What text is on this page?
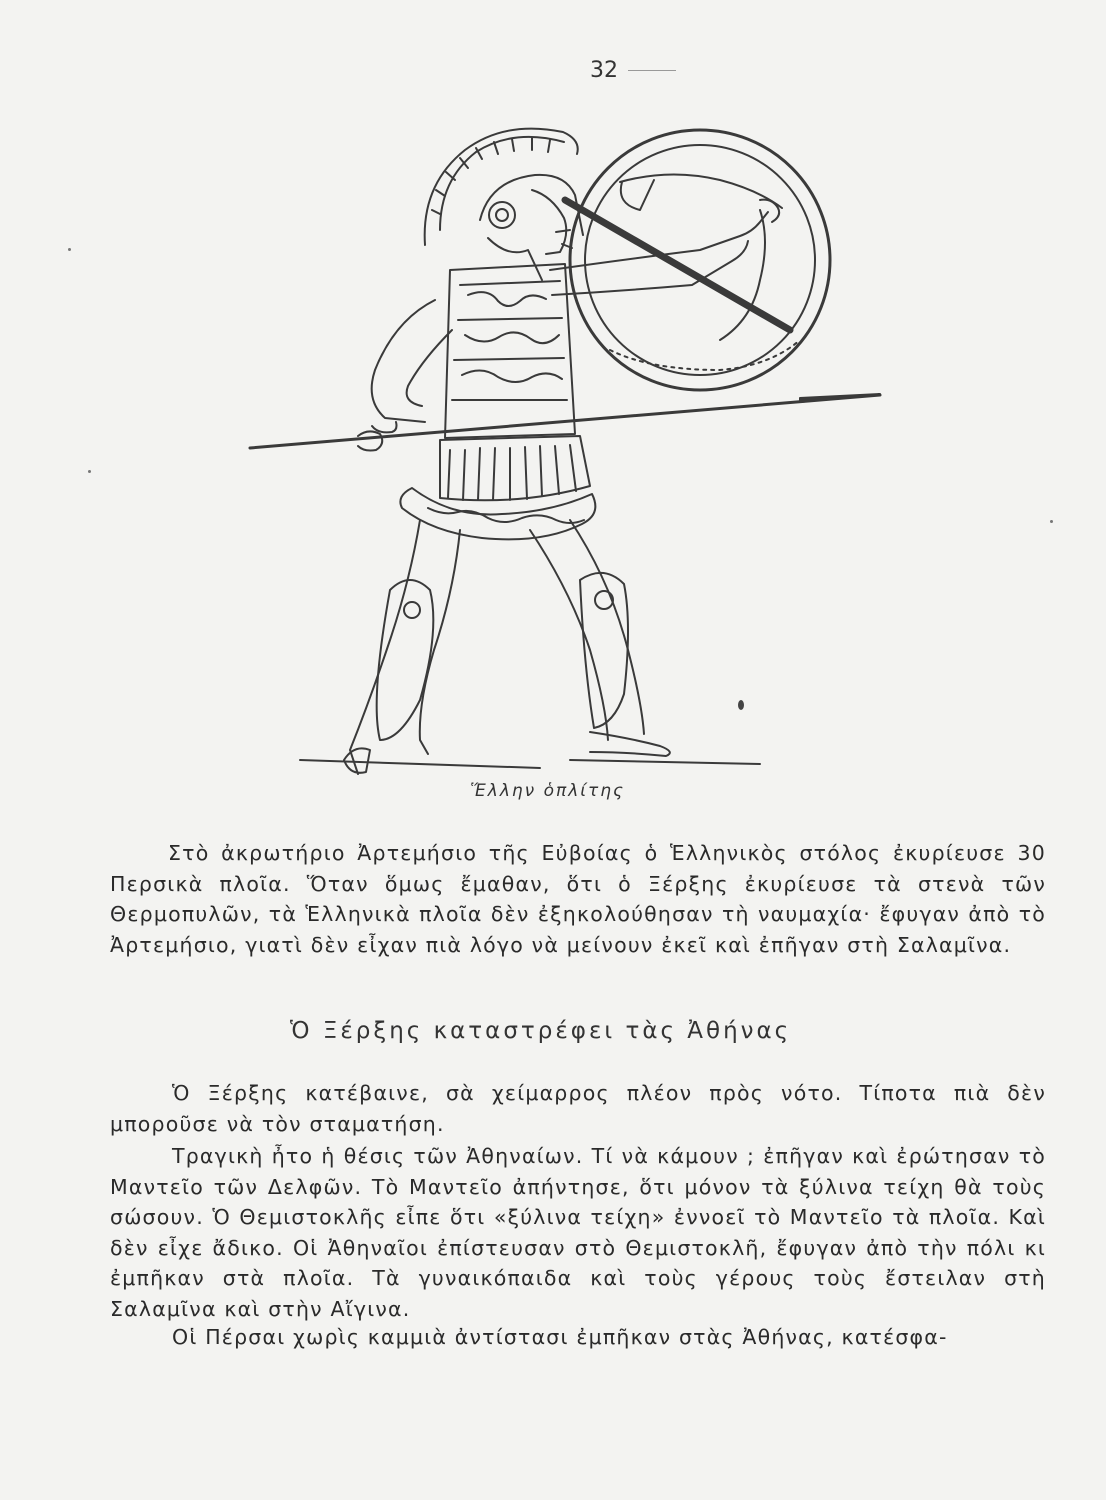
32
Ἕλλην ὁπλίτης

Στὸ ἀκρωτήριο Ἀρτεμήσιο τῆς Εὐβοίας ὁ Ἑλληνικὸς στόλος ἐκυρίευσε 30 Περσικὰ πλοῖα. Ὅταν ὅμως ἔμαθαν, ὅτι ὁ Ξέρξης ἐκυρίευσε τὰ στενὰ τῶν Θερμοπυλῶν, τὰ Ἑλληνικὰ πλοῖα δὲν ἐξηκολούθησαν τὴ ναυμαχία· ἔφυγαν ἀπὸ τὸ Ἀρτεμήσιο, γιατὶ δὲν εἶχαν πιὰ λόγο νὰ μείνουν ἐκεῖ καὶ ἐπῆγαν στὴ Σαλαμῖνα.

Ὁ Ξέρξης καταστρέφει τὰς Ἀθήνας

Ὁ Ξέρξης κατέβαινε, σὰ χείμαρρος πλέον πρὸς νότο. Τίποτα πιὰ δὲν μποροῦσε νὰ τὸν σταματήση.

Τραγικὴ ἦτο ἡ θέσις τῶν Ἀθηναίων. Τί νὰ κάμουν ; ἐπῆγαν καὶ ἐρώτησαν τὸ Μαντεῖο τῶν Δελφῶν. Τὸ Μαντεῖο ἀπήντησε, ὅτι μόνον τὰ ξύλινα τείχη θὰ τοὺς σώσουν. Ὁ Θεμιστοκλῆς εἶπε ὅτι «ξύλινα τείχη» ἐννοεῖ τὸ Μαντεῖο τὰ πλοῖα. Καὶ δὲν εἶχε ἄδικο. Οἱ Ἀθηναῖοι ἐπίστευσαν στὸ Θεμιστοκλῆ, ἔφυγαν ἀπὸ τὴν πόλι κι ἐμπῆκαν στὰ πλοῖα. Τὰ γυναικόπαιδα καὶ τοὺς γέρους τοὺς ἔστειλαν στὴ Σαλαμῖνα καὶ στὴν Αἴγινα.

Οἱ Πέρσαι χωρὶς καμμιὰ ἀντίστασι ἐμπῆκαν στὰς Ἀθήνας, κατέσφα-
